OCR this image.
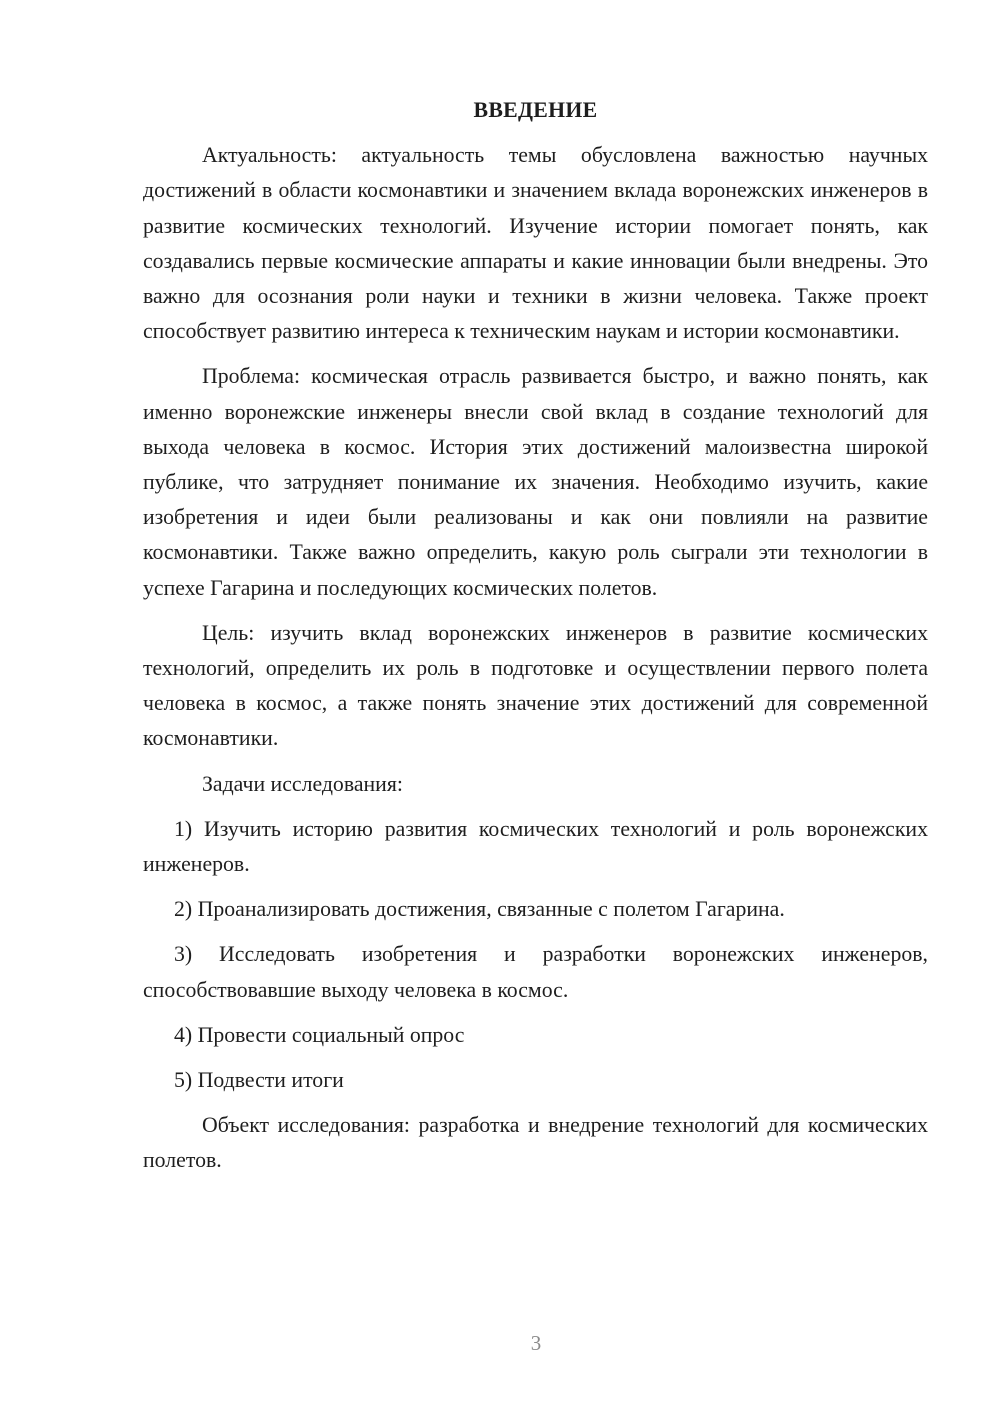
ВВЕДЕНИЕ

Актуальность: актуальность темы обусловлена важностью научных достижений в области космонавтики и значением вклада воронежских инженеров в развитие космических технологий. Изучение истории помогает понять, как создавались первые космические аппараты и какие инновации были внедрены. Это важно для осознания роли науки и техники в жизни человека. Также проект способствует развитию интереса к техническим наукам и истории космонавтики.

Проблема: космическая отрасль развивается быстро, и важно понять, как именно воронежские инженеры внесли свой вклад в создание технологий для выхода человека в космос. История этих достижений малоизвестна широкой публике, что затрудняет понимание их значения. Необходимо изучить, какие изобретения и идеи были реализованы и как они повлияли на развитие космонавтики. Также важно определить, какую роль сыграли эти технологии в успехе Гагарина и последующих космических полетов.

Цель: изучить вклад воронежских инженеров в развитие космических технологий, определить их роль в подготовке и осуществлении первого полета человека в космос, а также понять значение этих достижений для современной космонавтики.

Задачи исследования:

1) Изучить историю развития космических технологий и роль воронежских инженеров.

2) Проанализировать достижения, связанные с полетом Гагарина.

3) Исследовать изобретения и разработки воронежских инженеров, способствовавшие выходу человека в космос.

4) Провести социальный опрос

5) Подвести итоги

Объект исследования: разработка и внедрение технологий для космических полетов.

3
